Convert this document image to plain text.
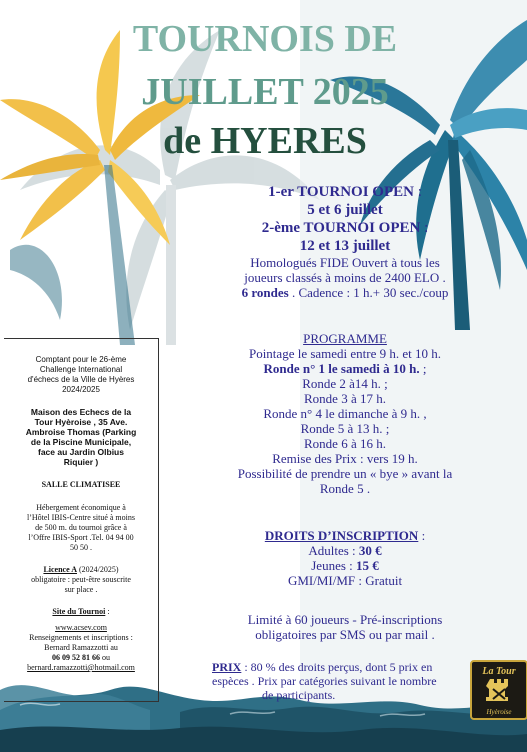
TOURNOIS DE
JUILLET 2025
de HYERES
1-er TOURNOI OPEN :
5 et 6 juillet
2-ème TOURNOI OPEN :
12 et 13 juillet
Homologués FIDE Ouvert à tous les
joueurs classés à moins de 2400 ELO .
6 rondes . Cadence : 1 h.+ 30 sec./coup
PROGRAMME
Pointage le samedi entre 9 h. et 10 h.
Ronde n° 1 le samedi à 10 h. ;
Ronde 2 à14 h. ;
Ronde 3 à 17 h.
Ronde n° 4 le dimanche à 9 h. ,
Ronde 5 à 13 h. ;
Ronde 6 à 16 h.
Remise des Prix : vers 19 h.
Possibilité de prendre un « bye » avant la
Ronde 5 .
DROITS D’INSCRIPTION :
Adultes : 30 €
Jeunes : 15 €
GMI/MI/MF : Gratuit
Limité à 60 joueurs - Pré-inscriptions
obligatoires par SMS ou par mail .
PRIX : 80 % des droits perçus, dont 5 prix en
espèces . Prix par catégories suivant le nombre
de participants.

Comptant pour le 26-ème

Challenge International

d'échecs de la Ville de Hyères

2024/2025

Maison des Echecs de la

Tour Hyèroise , 35 Ave.

Ambroise Thomas (Parking

de la Piscine Municipale,

face au Jardin Olbius

Riquier )

SALLE CLIMATISEE

Hébergement économique à

l’Hôtel IBIS-Centre situé à moins

de 500 m. du tournoi grâce à

l’Offre IBIS-Sport .Tel. 04 94 00

50 50 .

Licence A (2024/2025)

obligatoire : peut-être souscrite

sur place .

Site du Tournoi :

www.acsev.com

Renseignements et inscriptions :

Bernard Ramazzotti au

06 09 52 81 66 ou

bernard.ramazzotti@hotmail.com	La Tour
Hyèroise
